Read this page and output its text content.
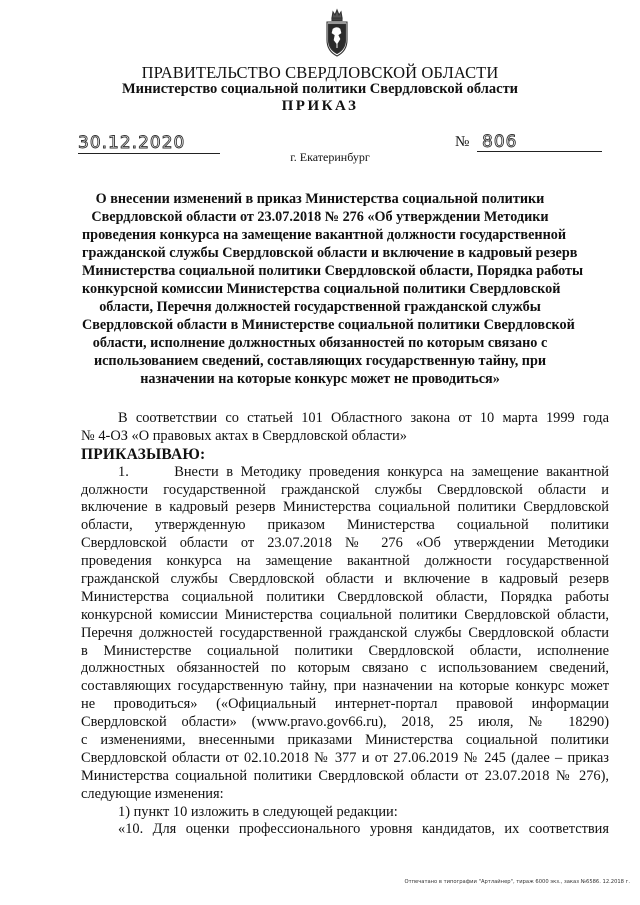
ПРАВИТЕЛЬСТВО СВЕРДЛОВСКОЙ ОБЛАСТИ
Министерство социальной политики Свердловской области
ПРИКАЗ
30.12.2020	№ 806
г. Екатеринбург
О внесении изменений в приказ Министерства социальной политики
Свердловской области от 23.07.2018 № 276 «Об утверждении Методики
проведения конкурса на замещение вакантной должности государственной
гражданской службы Свердловской области и включение в кадровый резерв
Министерства социальной политики Свердловской области, Порядка работы
конкурсной комиссии Министерства социальной политики Свердловской
области, Перечня должностей государственной гражданской службы
Свердловской области в Министерстве социальной политики Свердловской
области, исполнение должностных обязанностей по которым связано с
использованием сведений, составляющих государственную тайну, при
назначении на которые конкурс может не проводиться»
В соответствии со статьей 101 Областного закона от 10 марта 1999 года
№ 4-ОЗ «О правовых актах в Свердловской области»
ПРИКАЗЫВАЮ:
1.      Внести в Методику проведения конкурса на замещение вакантной
должности государственной гражданской службы Свердловской области и
включение в кадровый резерв Министерства социальной политики Свердловской
области, утвержденную приказом Министерства социальной политики
Свердловской области от 23.07.2018 № 276 «Об утверждении Методики
проведения конкурса на замещение вакантной должности государственной
гражданской службы Свердловской области и включение в кадровый резерв
Министерства социальной политики Свердловской области, Порядка работы
конкурсной комиссии Министерства социальной политики Свердловской области,
Перечня должностей государственной гражданской службы Свердловской области
в Министерстве социальной политики Свердловской области, исполнение
должностных обязанностей по которым связано с использованием сведений,
составляющих государственную тайну, при назначении на которые конкурс может
не проводиться» («Официальный интернет-портал правовой информации
Свердловской области» (www.pravo.gov66.ru), 2018, 25 июля, № 18290)
с изменениями, внесенными приказами Министерства социальной политики
Свердловской области от 02.10.2018 № 377 и от 27.06.2019 № 245 (далее – приказ
Министерства социальной политики Свердловской области от 23.07.2018 № 276),
следующие изменения:
1) пункт 10 изложить в следующей редакции:
«10. Для оценки профессионального уровня кандидатов, их соответствия
Отпечатано в типографии "Артлайнер", тираж 6000 экз., заказ №6586. 12.2018 г.
